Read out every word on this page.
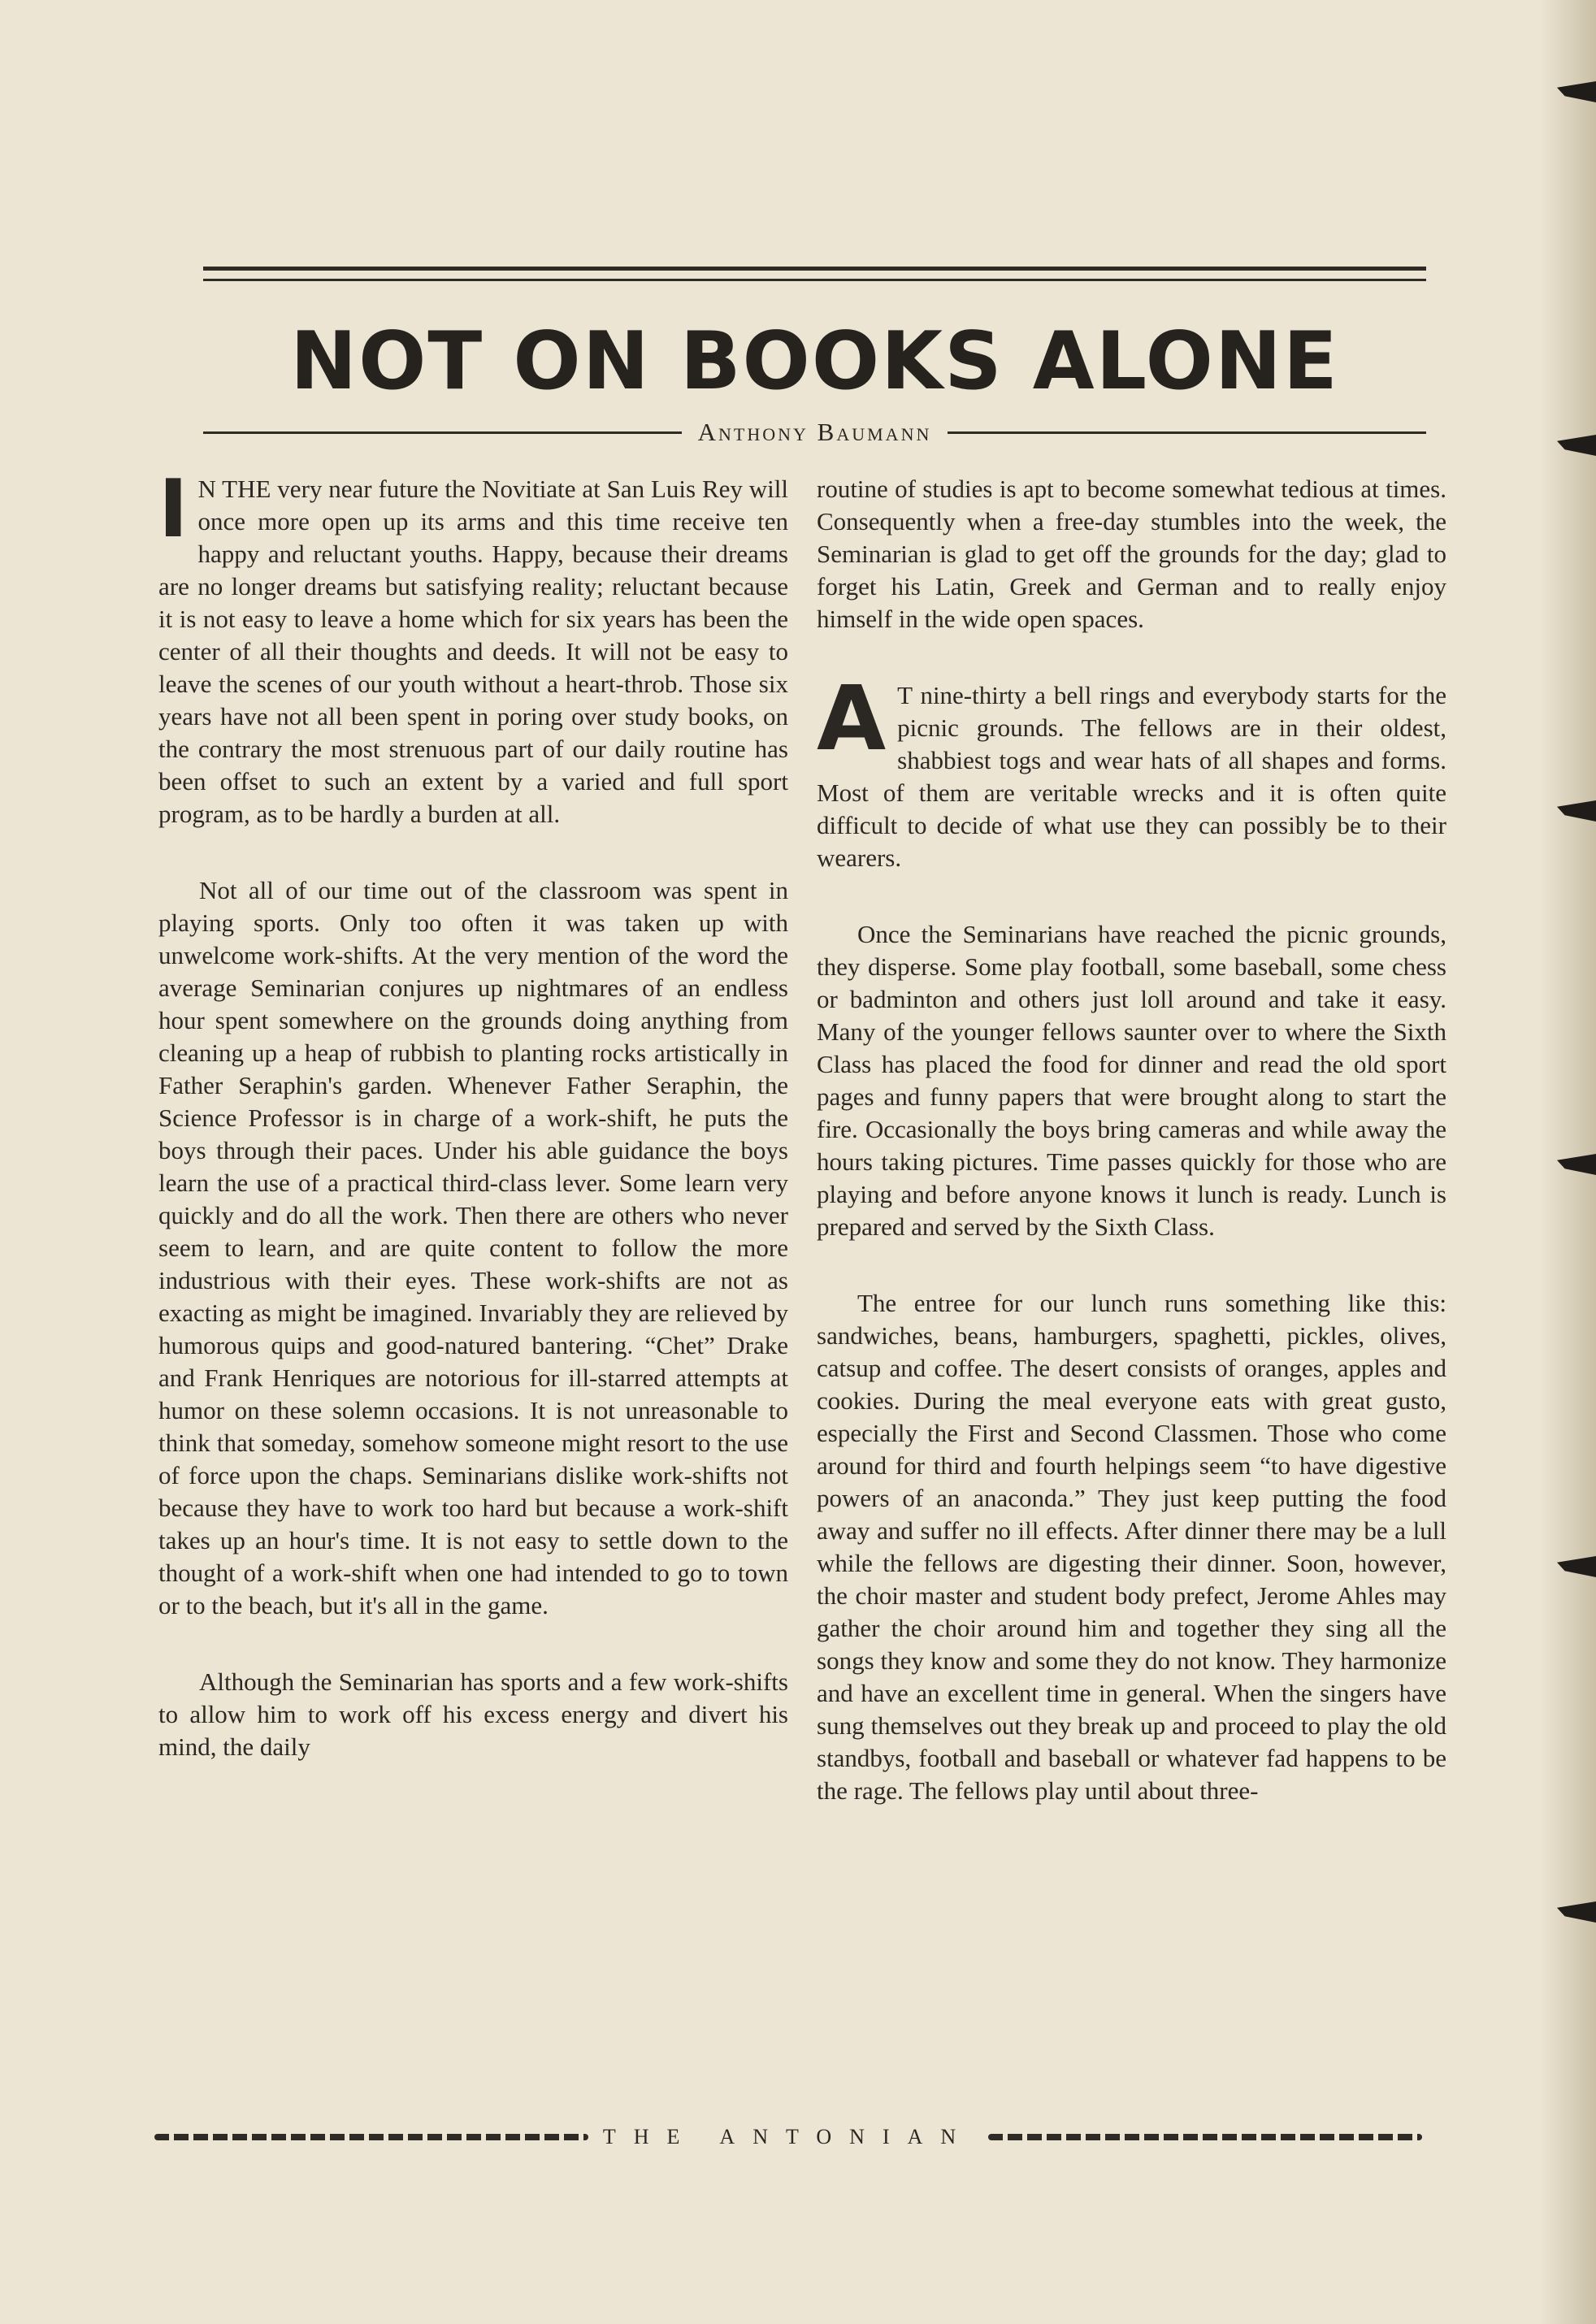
NOT ON BOOKS ALONE
Anthony Baumann

IN THE very near future the Novitiate at San Luis Rey will once more open up its arms and this time receive ten happy and reluctant youths. Happy, because their dreams are no longer dreams but satisfying reality; reluctant because it is not easy to leave a home which for six years has been the center of all their thoughts and deeds. It will not be easy to leave the scenes of our youth without a heart-throb. Those six years have not all been spent in poring over study books, on the contrary the most strenuous part of our daily routine has been offset to such an extent by a varied and full sport program, as to be hardly a burden at all.

Not all of our time out of the classroom was spent in playing sports. Only too often it was taken up with unwelcome work-shifts. At the very mention of the word the average Seminarian conjures up nightmares of an endless hour spent somewhere on the grounds doing anything from cleaning up a heap of rubbish to planting rocks artistically in Father Seraphin's garden. Whenever Father Seraphin, the Science Professor is in charge of a work-shift, he puts the boys through their paces. Under his able guidance the boys learn the use of a practical third-class lever. Some learn very quickly and do all the work. Then there are others who never seem to learn, and are quite content to follow the more industrious with their eyes. These work-shifts are not as exacting as might be imagined. Invariably they are relieved by humorous quips and good-natured bantering. “Chet” Drake and Frank Henriques are notorious for ill-starred attempts at humor on these solemn occasions. It is not unreasonable to think that someday, somehow someone might resort to the use of force upon the chaps. Seminarians dislike work-shifts not because they have to work too hard but because a work-shift takes up an hour's time. It is not easy to settle down to the thought of a work-shift when one had intended to go to town or to the beach, but it's all in the game.

Although the Seminarian has sports and a few work-shifts to allow him to work off his excess energy and divert his mind, the daily

routine of studies is apt to become somewhat tedious at times. Consequently when a free-day stumbles into the week, the Seminarian is glad to get off the grounds for the day; glad to forget his Latin, Greek and German and to really enjoy himself in the wide open spaces.

AT nine-thirty a bell rings and everybody starts for the picnic grounds. The fellows are in their oldest, shabbiest togs and wear hats of all shapes and forms. Most of them are veritable wrecks and it is often quite difficult to decide of what use they can possibly be to their wearers.

Once the Seminarians have reached the picnic grounds, they disperse. Some play football, some baseball, some chess or badminton and others just loll around and take it easy. Many of the younger fellows saunter over to where the Sixth Class has placed the food for dinner and read the old sport pages and funny papers that were brought along to start the fire. Occasionally the boys bring cameras and while away the hours taking pictures. Time passes quickly for those who are playing and before anyone knows it lunch is ready. Lunch is prepared and served by the Sixth Class.

The entree for our lunch runs something like this: sandwiches, beans, hamburgers, spaghetti, pickles, olives, catsup and coffee. The desert consists of oranges, apples and cookies. During the meal everyone eats with great gusto, especially the First and Second Classmen. Those who come around for third and fourth helpings seem “to have digestive powers of an anaconda.” They just keep putting the food away and suffer no ill effects. After dinner there may be a lull while the fellows are digesting their dinner. Soon, however, the choir master and student body prefect, Jerome Ahles may gather the choir around him and together they sing all the songs they know and some they do not know. They harmonize and have an excellent time in general. When the singers have sung themselves out they break up and proceed to play the old standbys, football and baseball or whatever fad happens to be the rage. The fellows play until about three-

THE ANTONIAN
